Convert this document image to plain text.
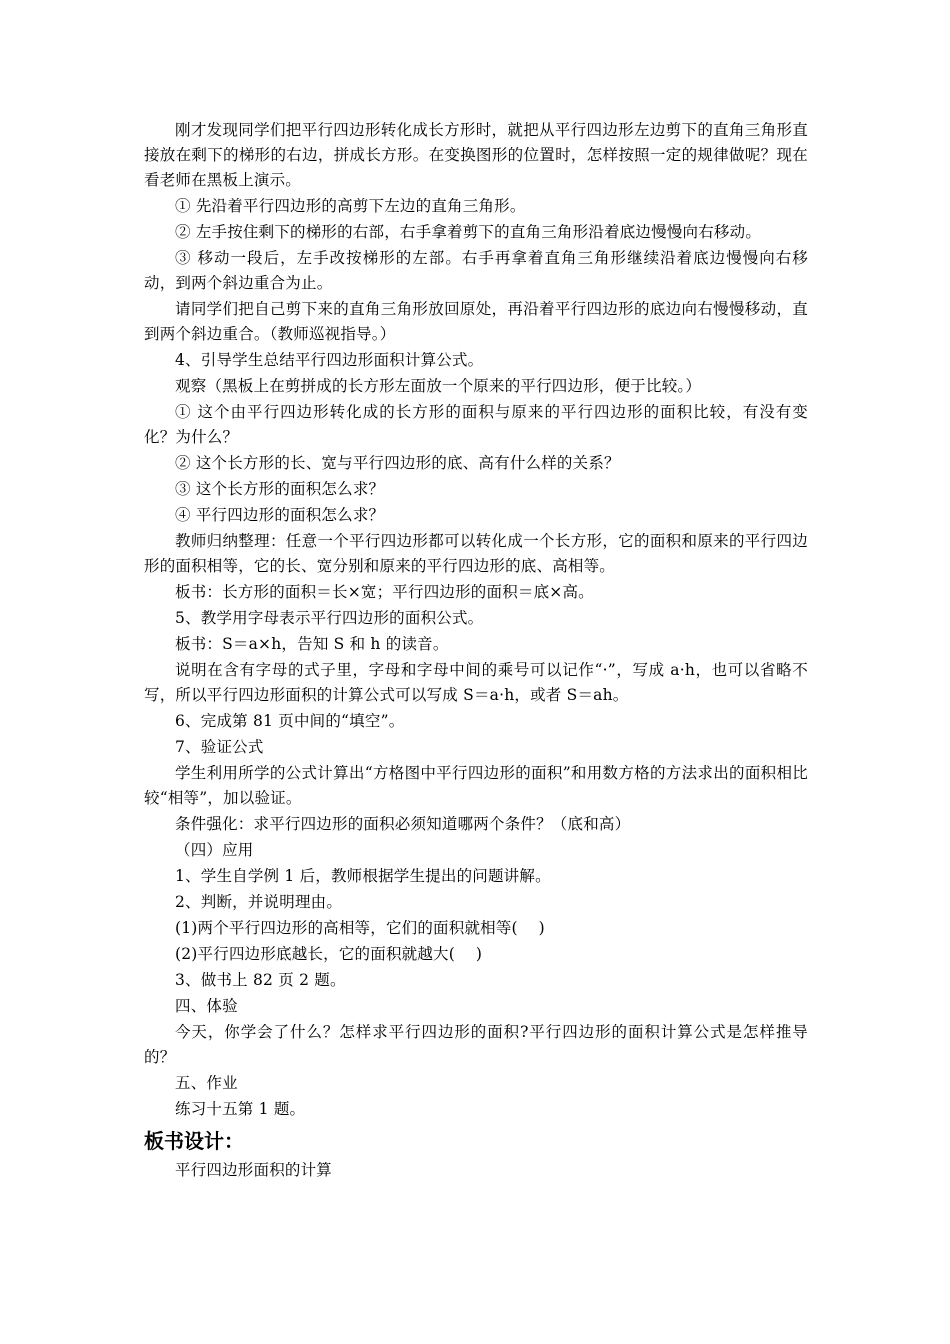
刚才发现同学们把平行四边形转化成长方形时，就把从平行四边形左边剪下的直角三角形直接放在剩下的梯形的右边，拼成长方形。在变换图形的位置时，怎样按照一定的规律做呢？现在看老师在黑板上演示。

① 先沿着平行四边形的高剪下左边的直角三角形。

② 左手按住剩下的梯形的右部，右手拿着剪下的直角三角形沿着底边慢慢向右移动。

③ 移动一段后，左手改按梯形的左部。右手再拿着直角三角形继续沿着底边慢慢向右移动，到两个斜边重合为止。

请同学们把自己剪下来的直角三角形放回原处，再沿着平行四边形的底边向右慢慢移动，直到两个斜边重合。（教师巡视指导。）

4、引导学生总结平行四边形面积计算公式。

观察（黑板上在剪拼成的长方形左面放一个原来的平行四边形，便于比较。）

① 这个由平行四边形转化成的长方形的面积与原来的平行四边形的面积比较，有没有变化？为什么？

② 这个长方形的长、宽与平行四边形的底、高有什么样的关系？

③ 这个长方形的面积怎么求？

④ 平行四边形的面积怎么求？

教师归纳整理：任意一个平行四边形都可以转化成一个长方形，它的面积和原来的平行四边形的面积相等，它的长、宽分别和原来的平行四边形的底、高相等。

板书：长方形的面积＝长×宽；平行四边形的面积＝底×高。

5、教学用字母表示平行四边形的面积公式。

板书：S＝a×h，告知 S 和 h 的读音。

说明在含有字母的式子里，字母和字母中间的乘号可以记作“·”，写成 a·h，也可以省略不写，所以平行四边形面积的计算公式可以写成 S＝a·h，或者 S＝ah。

6、完成第 81 页中间的“填空”。

7、验证公式

学生利用所学的公式计算出“方格图中平行四边形的面积”和用数方格的方法求出的面积相比较“相等”，加以验证。

条件强化：求平行四边形的面积必须知道哪两个条件？（底和高）

（四）应用

1、学生自学例 1 后，教师根据学生提出的问题讲解。

2、判断，并说明理由。

(1)两个平行四边形的高相等，它们的面积就相等(　 )

(2)平行四边形底越长，它的面积就越大(　 )

3、做书上 82 页 2 题。

四、体验

今天，你学会了什么？怎样求平行四边形的面积?平行四边形的面积计算公式是怎样推导的？

五、作业

练习十五第 1 题。

板书设计：

平行四边形面积的计算
